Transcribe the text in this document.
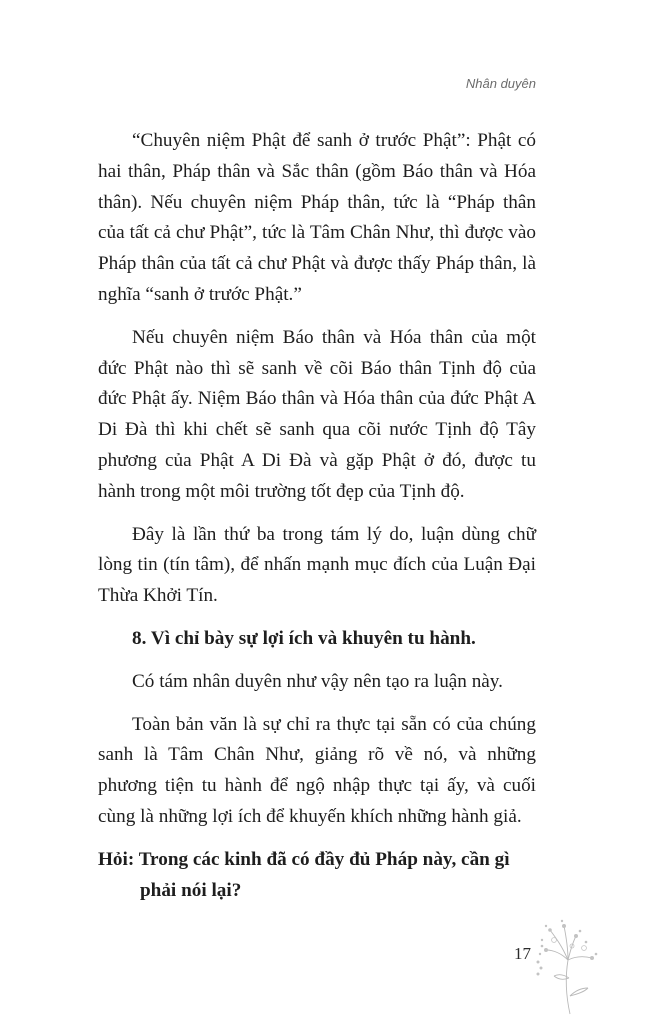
Nhân duyên

“Chuyên niệm Phật để sanh ở trước Phật”: Phật có hai thân, Pháp thân và Sắc thân (gồm Báo thân và Hóa thân). Nếu chuyên niệm Pháp thân, tức là “Pháp thân của tất cả chư Phật”, tức là Tâm Chân Như, thì được vào Pháp thân của tất cả chư Phật và được thấy Pháp thân, là nghĩa “sanh ở trước Phật.”

Nếu chuyên niệm Báo thân và Hóa thân của một đức Phật nào thì sẽ sanh về cõi Báo thân Tịnh độ của đức Phật ấy. Niệm Báo thân và Hóa thân của đức Phật A Di Đà thì khi chết sẽ sanh qua cõi nước Tịnh độ Tây phương của Phật A Di Đà và gặp Phật ở đó, được tu hành trong một môi trường tốt đẹp của Tịnh độ.

Đây là lần thứ ba trong tám lý do, luận dùng chữ lòng tin (tín tâm), để nhấn mạnh mục đích của Luận Đại Thừa Khởi Tín.

8. Vì chỉ bày sự lợi ích và khuyên tu hành.

Có tám nhân duyên như vậy nên tạo ra luận này.

Toàn bản văn là sự chỉ ra thực tại sẵn có của chúng sanh là Tâm Chân Như, giảng rõ về nó, và những phương tiện tu hành để ngộ nhập thực tại ấy, và cuối cùng là những lợi ích để khuyến khích những hành giả.

Hỏi: Trong các kinh đã có đầy đủ Pháp này, cần gì phải nói lại?
17
